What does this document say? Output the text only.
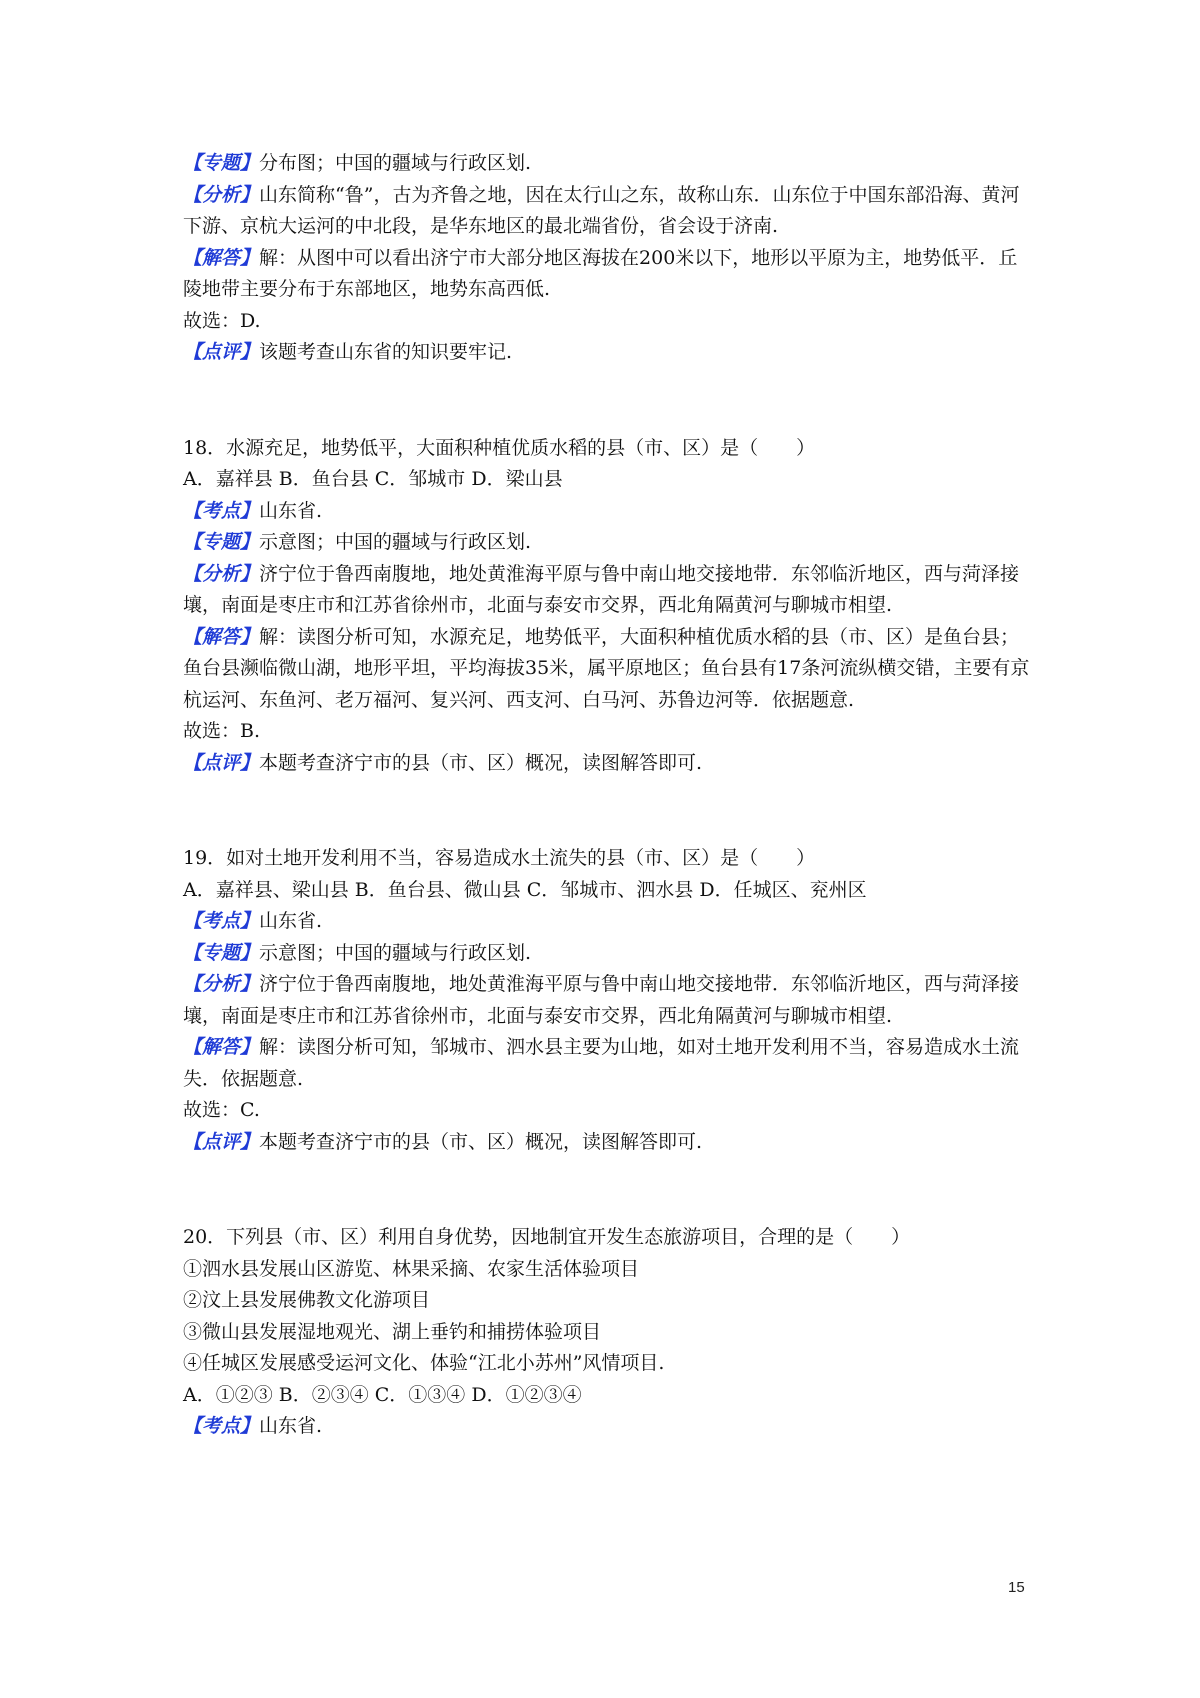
【专题】分布图；中国的疆域与行政区划.
【分析】山东简称“鲁”，古为齐鲁之地，因在太行山之东，故称山东．山东位于中国东部沿海、黄河下游、京杭大运河的中北段，是华东地区的最北端省份，省会设于济南.
【解答】解：从图中可以看出济宁市大部分地区海拔在200米以下，地形以平原为主，地势低平．丘陵地带主要分布于东部地区，地势东高西低.
故选：D.
【点评】该题考查山东省的知识要牢记.
18．水源充足，地势低平，大面积种植优质水稻的县（市、区）是（　　）
A．嘉祥县 B．鱼台县 C．邹城市 D．梁山县
【考点】山东省.
【专题】示意图；中国的疆域与行政区划.
【分析】济宁位于鲁西南腹地，地处黄淮海平原与鲁中南山地交接地带．东邻临沂地区，西与菏泽接壤，南面是枣庄市和江苏省徐州市，北面与泰安市交界，西北角隔黄河与聊城市相望.
【解答】解：读图分析可知，水源充足，地势低平，大面积种植优质水稻的县（市、区）是鱼台县；鱼台县濒临微山湖，地形平坦，平均海拔35米，属平原地区；鱼台县有17条河流纵横交错，主要有京杭运河、东鱼河、老万福河、复兴河、西支河、白马河、苏鲁边河等．依据题意.
故选：B.
【点评】本题考查济宁市的县（市、区）概况，读图解答即可.
19．如对土地开发利用不当，容易造成水土流失的县（市、区）是（　　）
A．嘉祥县、梁山县 B．鱼台县、微山县 C．邹城市、泗水县 D．任城区、兖州区
【考点】山东省.
【专题】示意图；中国的疆域与行政区划.
【分析】济宁位于鲁西南腹地，地处黄淮海平原与鲁中南山地交接地带．东邻临沂地区，西与菏泽接壤，南面是枣庄市和江苏省徐州市，北面与泰安市交界，西北角隔黄河与聊城市相望.
【解答】解：读图分析可知，邹城市、泗水县主要为山地，如对土地开发利用不当，容易造成水土流失．依据题意.
故选：C.
【点评】本题考查济宁市的县（市、区）概况，读图解答即可.
20．下列县（市、区）利用自身优势，因地制宜开发生态旅游项目，合理的是（　　）
①泗水县发展山区游览、林果采摘、农家生活体验项目
②汶上县发展佛教文化游项目
③微山县发展湿地观光、湖上垂钓和捕捞体验项目
④任城区发展感受运河文化、体验“江北小苏州”风情项目.
A．①②③ B．②③④ C．①③④ D．①②③④
【考点】山东省.
15
